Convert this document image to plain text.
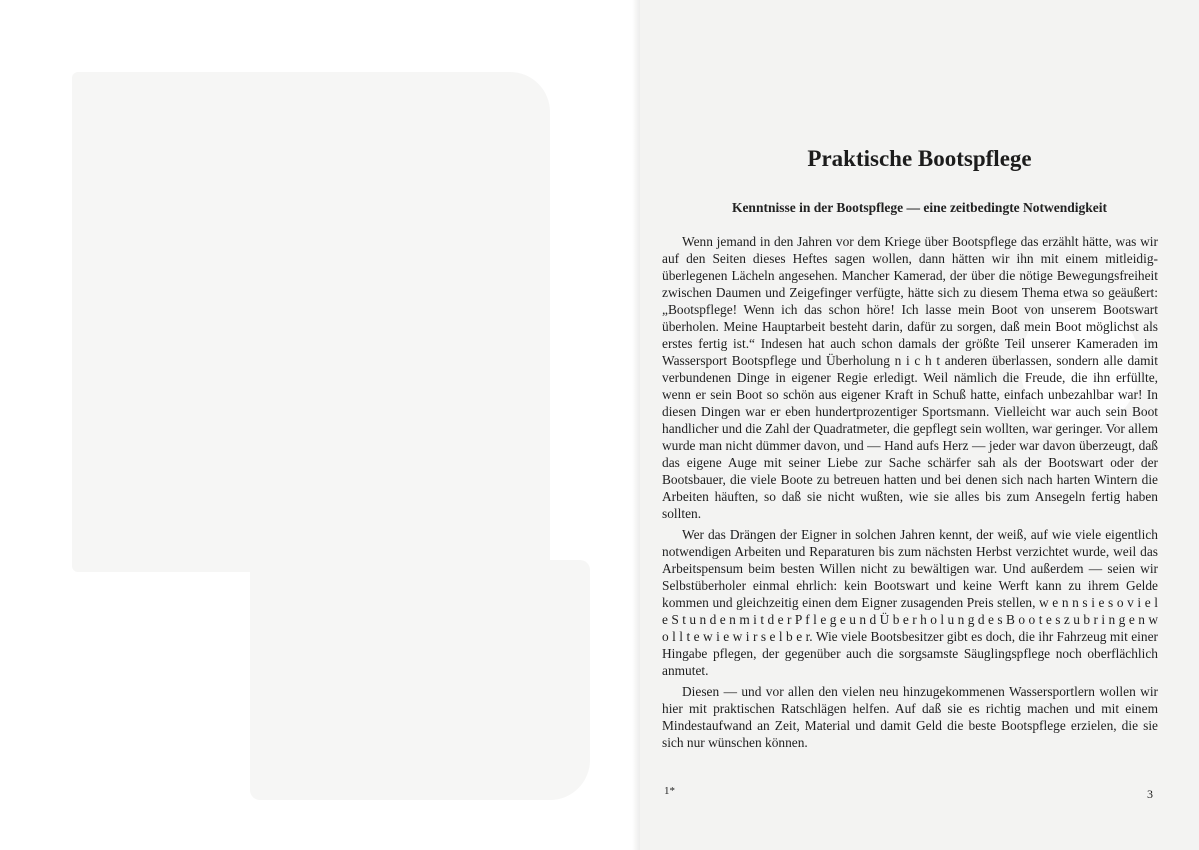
Praktische Bootspflege
Kenntnisse in der Bootspflege — eine zeitbedingte Notwendigkeit

Wenn jemand in den Jahren vor dem Kriege über Bootspflege das erzählt hätte, was wir auf den Seiten dieses Heftes sagen wollen, dann hätten wir ihn mit einem mitleidig-überlegenen Lächeln angesehen. Mancher Kamerad, der über die nötige Bewegungsfreiheit zwischen Daumen und Zeigefinger verfügte, hätte sich zu diesem Thema etwa so geäußert: „Bootspflege! Wenn ich das schon höre! Ich lasse mein Boot von unserem Bootswart überholen. Meine Hauptarbeit besteht darin, dafür zu sorgen, daß mein Boot möglichst als erstes fertig ist.“ Indesen hat auch schon damals der größte Teil unserer Kameraden im Wassersport Bootspflege und Überholung n i c h t anderen überlassen, sondern alle damit verbundenen Dinge in eigener Regie erledigt. Weil nämlich die Freude, die ihn erfüllte, wenn er sein Boot so schön aus eigener Kraft in Schuß hatte, einfach unbezahlbar war! In diesen Dingen war er eben hundertprozentiger Sportsmann. Vielleicht war auch sein Boot handlicher und die Zahl der Quadratmeter, die gepflegt sein wollten, war geringer. Vor allem wurde man nicht dümmer davon, und — Hand aufs Herz — jeder war davon überzeugt, daß das eigene Auge mit seiner Liebe zur Sache schärfer sah als der Bootswart oder der Bootsbauer, die viele Boote zu betreuen hatten und bei denen sich nach harten Wintern die Arbeiten häuften, so daß sie nicht wußten, wie sie alles bis zum Ansegeln fertig haben sollten.

Wer das Drängen der Eigner in solchen Jahren kennt, der weiß, auf wie viele eigentlich notwendigen Arbeiten und Reparaturen bis zum nächsten Herbst verzichtet wurde, weil das Arbeitspensum beim besten Willen nicht zu bewältigen war. Und außerdem — seien wir Selbstüberholer einmal ehrlich: kein Bootswart und keine Werft kann zu ihrem Gelde kommen und gleichzeitig einen dem Eigner zusagenden Preis stellen, w e n n s i e s o v i e l e S t u n d e n m i t d e r P f l e g e u n d Ü b e r h o l u n g d e s B o o t e s z u b r i n g e n w o l l t e w i e w i r s e l b e r. Wie viele Bootsbesitzer gibt es doch, die ihr Fahrzeug mit einer Hingabe pflegen, der gegenüber auch die sorgsamste Säuglingspflege noch oberflächlich anmutet.

Diesen — und vor allen den vielen neu hinzugekommenen Wassersportlern wollen wir hier mit praktischen Ratschlägen helfen. Auf daß sie es richtig machen und mit einem Mindestaufwand an Zeit, Material und damit Geld die beste Bootspflege erzielen, die sie sich nur wünschen können.

1*	3
